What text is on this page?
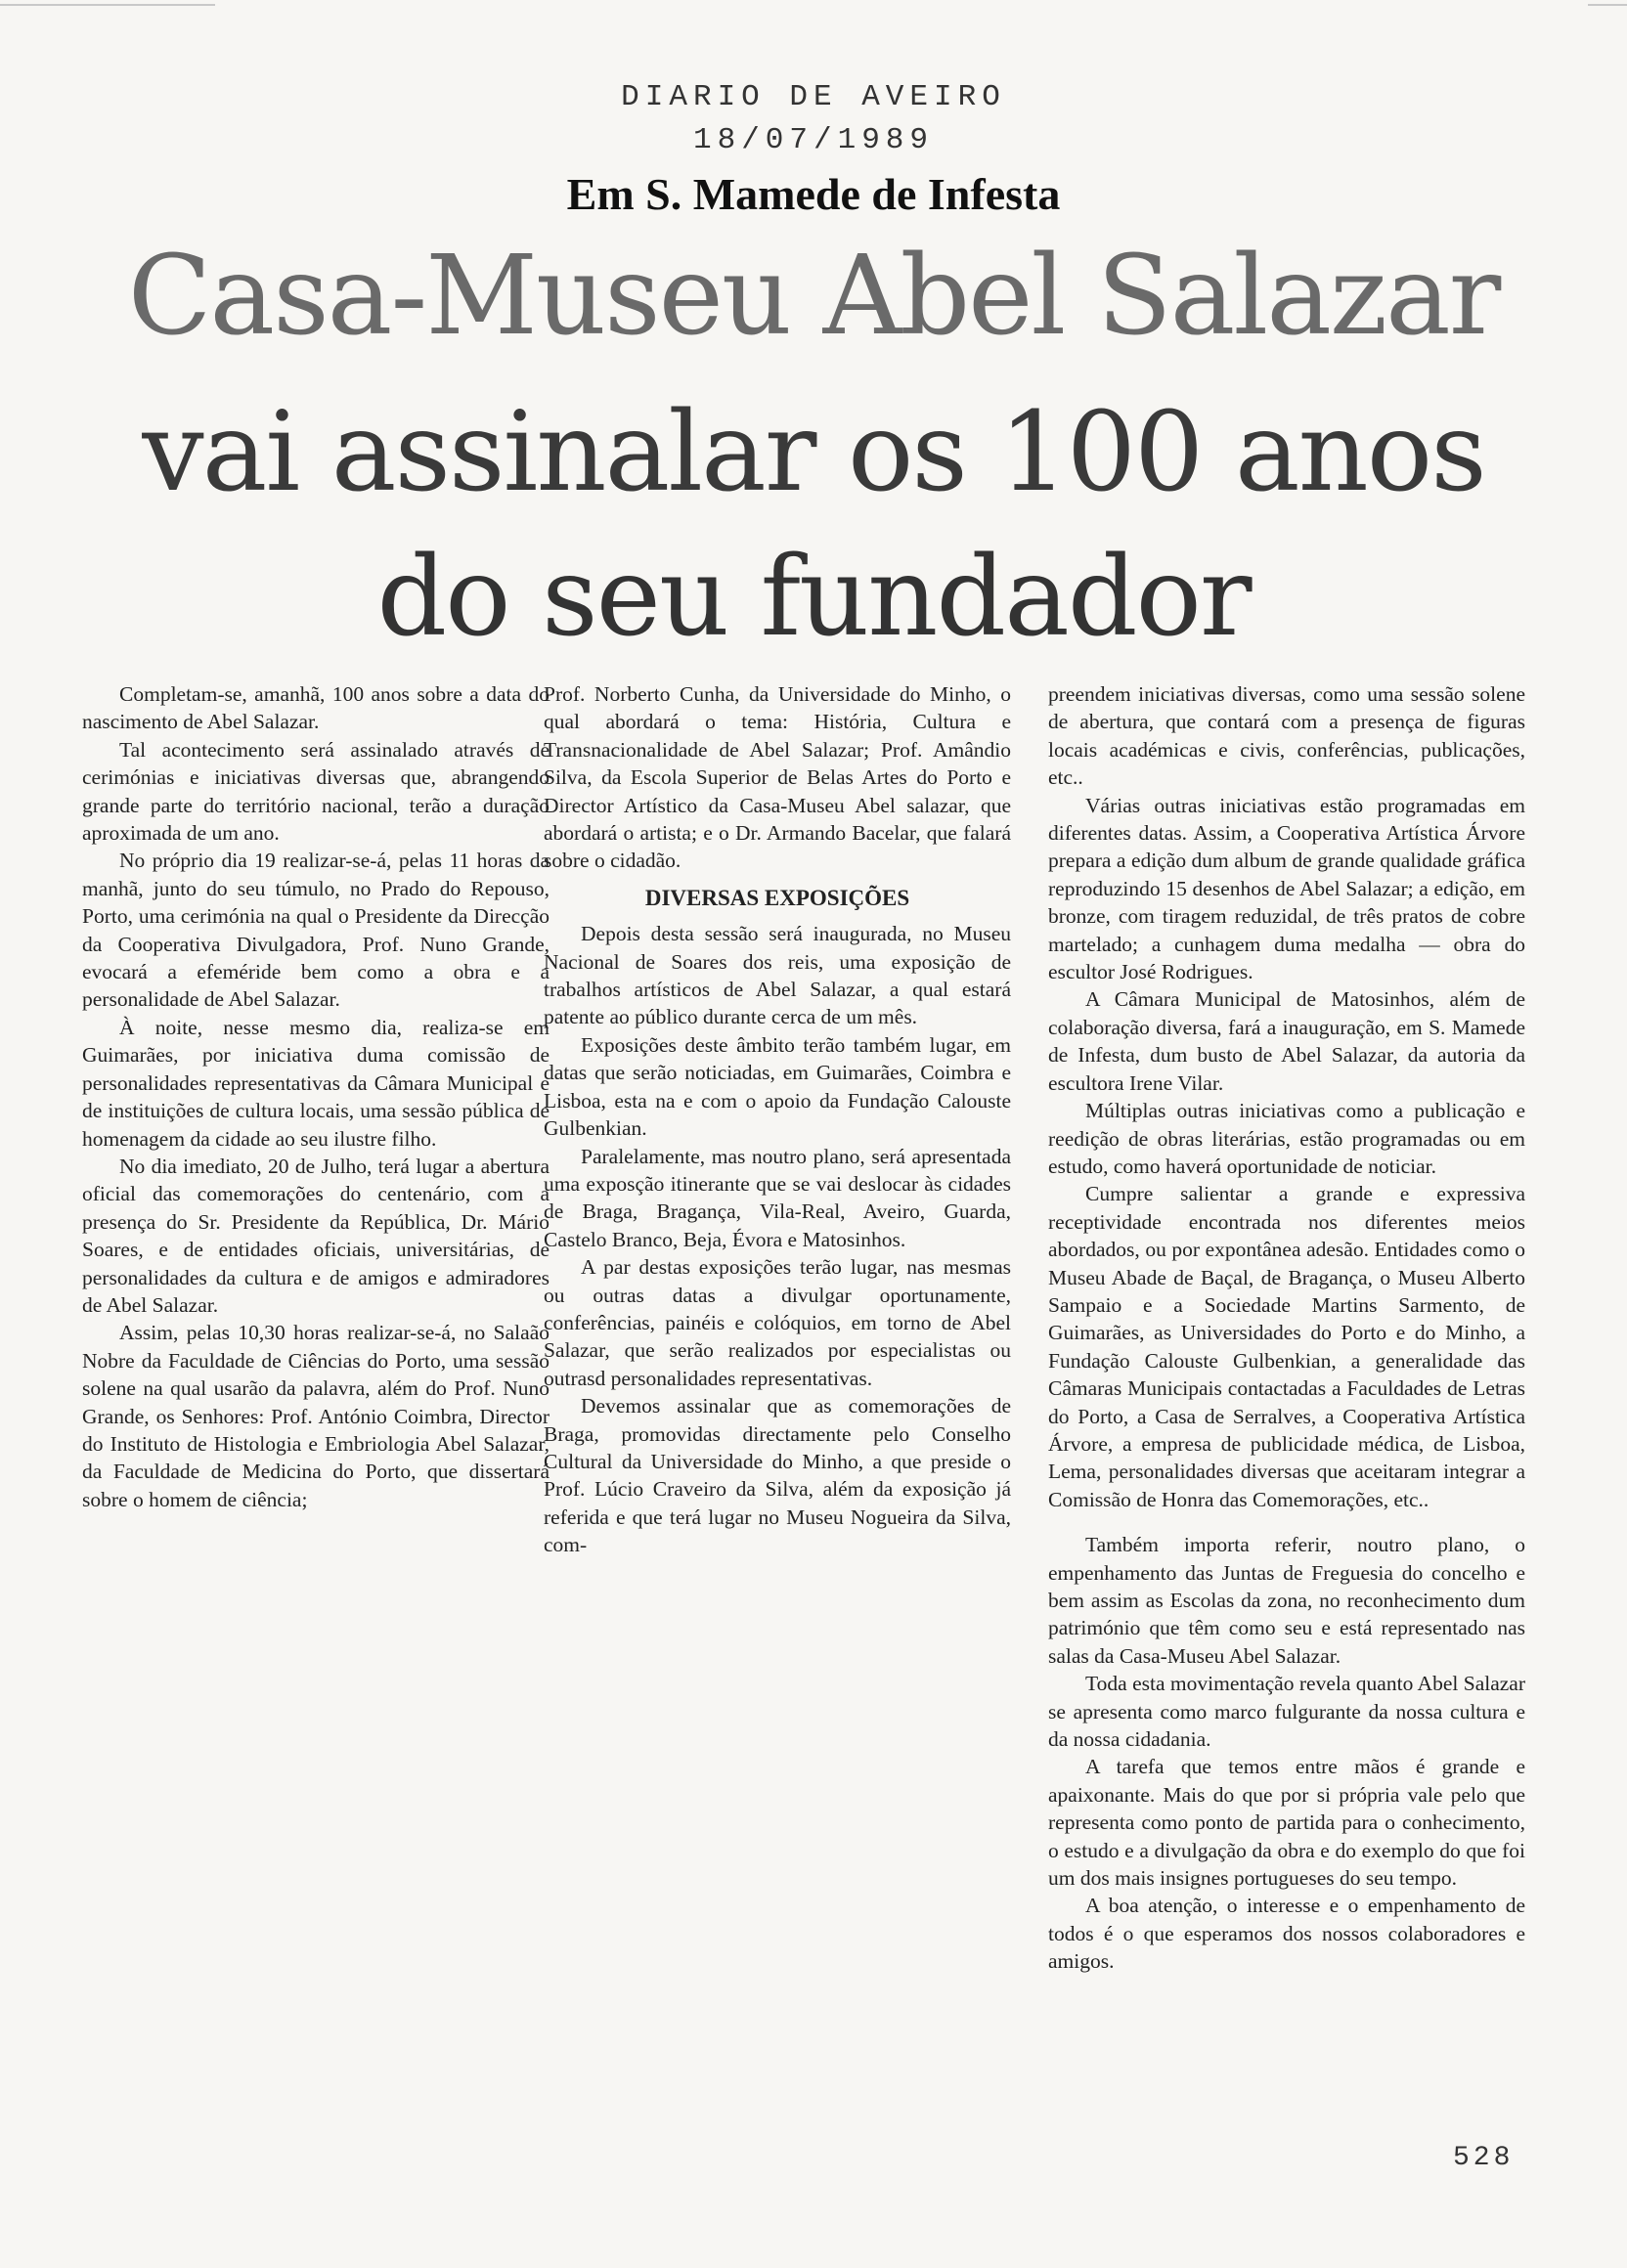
DIARIO DE AVEIRO
18/07/1989
Em S. Mamede de Infesta
Casa-Museu Abel Salazar
vai assinalar os 100 anos
do seu fundador

Completam-se, amanhã, 100 anos sobre a data do nascimento de Abel Salazar.

Tal acontecimento será assinalado através de cerimónias e iniciativas diversas que, abrangendo grande parte do território nacional, terão a duração aproximada de um ano.

No próprio dia 19 realizar-se-á, pelas 11 horas da manhã, junto do seu túmulo, no Prado do Repouso, Porto, uma cerimónia na qual o Presidente da Direcção da Cooperativa Divulgadora, Prof. Nuno Grande, evocará a efeméride bem como a obra e a personalidade de Abel Salazar.

À noite, nesse mesmo dia, realiza-se em Guimarães, por iniciativa duma comissão de personalidades representativas da Câmara Municipal e de instituições de cultura locais, uma sessão pública de homenagem da cidade ao seu ilustre filho.

No dia imediato, 20 de Julho, terá lugar a abertura oficial das comemorações do centenário, com a presença do Sr. Presidente da República, Dr. Mário Soares, e de entidades oficiais, universitárias, de personalidades da cultura e de amigos e admiradores de Abel Salazar.

Assim, pelas 10,30 horas realizar-se-á, no Salaão Nobre da Faculdade de Ciências do Porto, uma sessão solene na qual usarão da palavra, além do Prof. Nuno Grande, os Senhores: Prof. António Coimbra, Director do Instituto de Histologia e Embriologia Abel Salazar, da Faculdade de Medicina do Porto, que dissertará sobre o homem de ciência;

Prof. Norberto Cunha, da Universidade do Minho, o qual abordará o tema: História, Cultura e Transnacionalidade de Abel Salazar; Prof. Amândio Silva, da Escola Superior de Belas Artes do Porto e Director Artístico da Casa-Museu Abel salazar, que abordará o artista; e o Dr. Armando Bacelar, que falará sobre o cidadão.

DIVERSAS EXPOSIÇÕES

Depois desta sessão será inaugurada, no Museu Nacional de Soares dos reis, uma exposição de trabalhos artísticos de Abel Salazar, a qual estará patente ao público durante cerca de um mês.

Exposições deste âmbito terão também lugar, em datas que serão noticiadas, em Guimarães, Coimbra e Lisboa, esta na e com o apoio da Fundação Calouste Gulbenkian.

Paralelamente, mas noutro plano, será apresentada uma exposção itinerante que se vai deslocar às cidades de Braga, Bragança, Vila-Real, Aveiro, Guarda, Castelo Branco, Beja, Évora e Matosinhos.

A par destas exposições terão lugar, nas mesmas ou outras datas a divulgar oportunamente, conferências, painéis e colóquios, em torno de Abel Salazar, que serão realizados por especialistas ou outrasd personalidades representativas.

Devemos assinalar que as comemorações de Braga, promovidas directamente pelo Conselho Cultural da Universidade do Minho, a que preside o Prof. Lúcio Craveiro da Silva, além da exposição já referida e que terá lugar no Museu Nogueira da Silva, com-

preendem iniciativas diversas, como uma sessão solene de abertura, que contará com a presença de figuras locais académicas e civis, conferências, publicações, etc..

Várias outras iniciativas estão programadas em diferentes datas. Assim, a Cooperativa Artística Árvore prepara a edição dum album de grande qualidade gráfica reproduzindo 15 desenhos de Abel Salazar; a edição, em bronze, com tiragem reduzidal, de três pratos de cobre martelado; a cunhagem duma medalha — obra do escultor José Rodrigues.

A Câmara Municipal de Matosinhos, além de colaboração diversa, fará a inauguração, em S. Mamede de Infesta, dum busto de Abel Salazar, da autoria da escultora Irene Vilar.

Múltiplas outras iniciativas como a publicação e reedição de obras literárias, estão programadas ou em estudo, como haverá oportunidade de noticiar.

Cumpre salientar a grande e expressiva receptividade encontrada nos diferentes meios abordados, ou por expontânea adesão. Entidades como o Museu Abade de Baçal, de Bragança, o Museu Alberto Sampaio e a Sociedade Martins Sarmento, de Guimarães, as Universidades do Porto e do Minho, a Fundação Calouste Gulbenkian, a generalidade das Câmaras Municipais contactadas a Faculdades de Letras do Porto, a Casa de Serralves, a Cooperativa Artística Árvore, a empresa de publicidade médica, de Lisboa, Lema, personalidades diversas que aceitaram integrar a Comissão de Honra das Comemorações, etc..

Também importa referir, noutro plano, o empenhamento das Juntas de Freguesia do concelho e bem assim as Escolas da zona, no reconhecimento dum património que têm como seu e está representado nas salas da Casa-Museu Abel Salazar.

Toda esta movimentação revela quanto Abel Salazar se apresenta como marco fulgurante da nossa cultura e da nossa cidadania.

A tarefa que temos entre mãos é grande e apaixonante. Mais do que por si própria vale pelo que representa como ponto de partida para o conhecimento, o estudo e a divulgação da obra e do exemplo do que foi um dos mais insignes portugueses do seu tempo.

A boa atenção, o interesse e o empenhamento de todos é o que esperamos dos nossos colaboradores e amigos.

528
